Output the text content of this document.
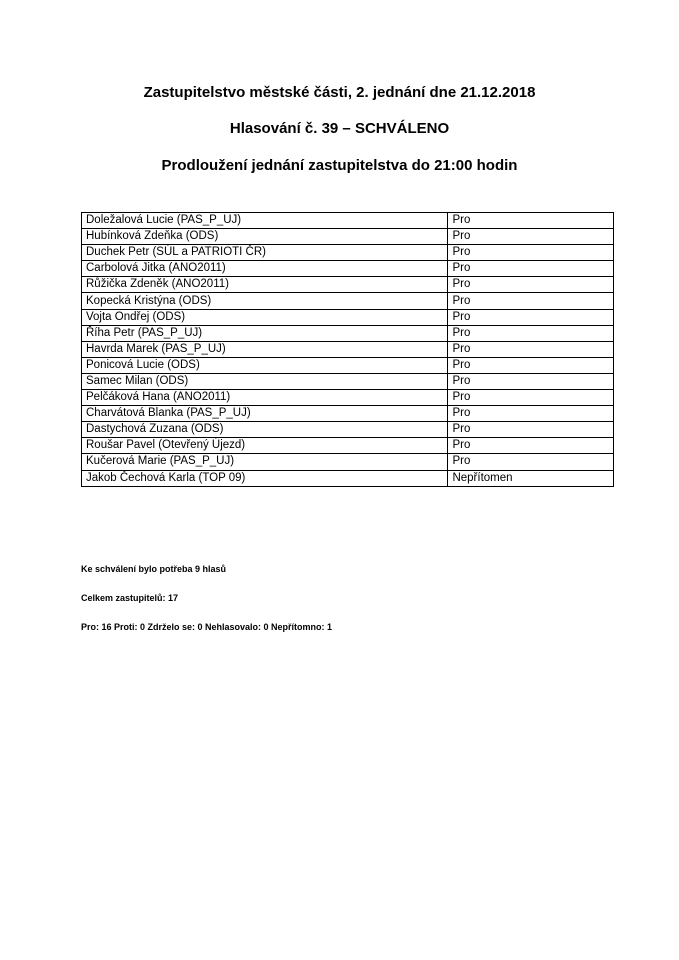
Zastupitelstvo městské části, 2. jednání dne 21.12.2018
Hlasování č. 39 – SCHVÁLENO
Prodloužení jednání zastupitelstva do 21:00 hodin
Doležalová Lucie (PAS_P_UJ)	Pro
Hubínková Zdeňka (ODS)	Pro
Duchek Petr (SÚL a PATRIOTI ČR)	Pro
Carbolová Jitka (ANO2011)	Pro
Růžička Zdeněk (ANO2011)	Pro
Kopecká Kristýna (ODS)	Pro
Vojta Ondřej (ODS)	Pro
Říha Petr (PAS_P_UJ)	Pro
Havrda Marek (PAS_P_UJ)	Pro
Ponicová Lucie (ODS)	Pro
Samec Milan (ODS)	Pro
Pelčáková Hana (ANO2011)	Pro
Charvátová Blanka (PAS_P_UJ)	Pro
Dastychová Zuzana (ODS)	Pro
Roušar Pavel (Otevřený Újezd)	Pro
Kučerová Marie (PAS_P_UJ)	Pro
Jakob Čechová Karla (TOP 09)	Nepřítomen
Ke schválení bylo potřeba 9 hlasů
Celkem zastupitelů: 17
Pro: 16 Proti: 0 Zdrželo se: 0 Nehlasovalo: 0 Nepřítomno: 1
